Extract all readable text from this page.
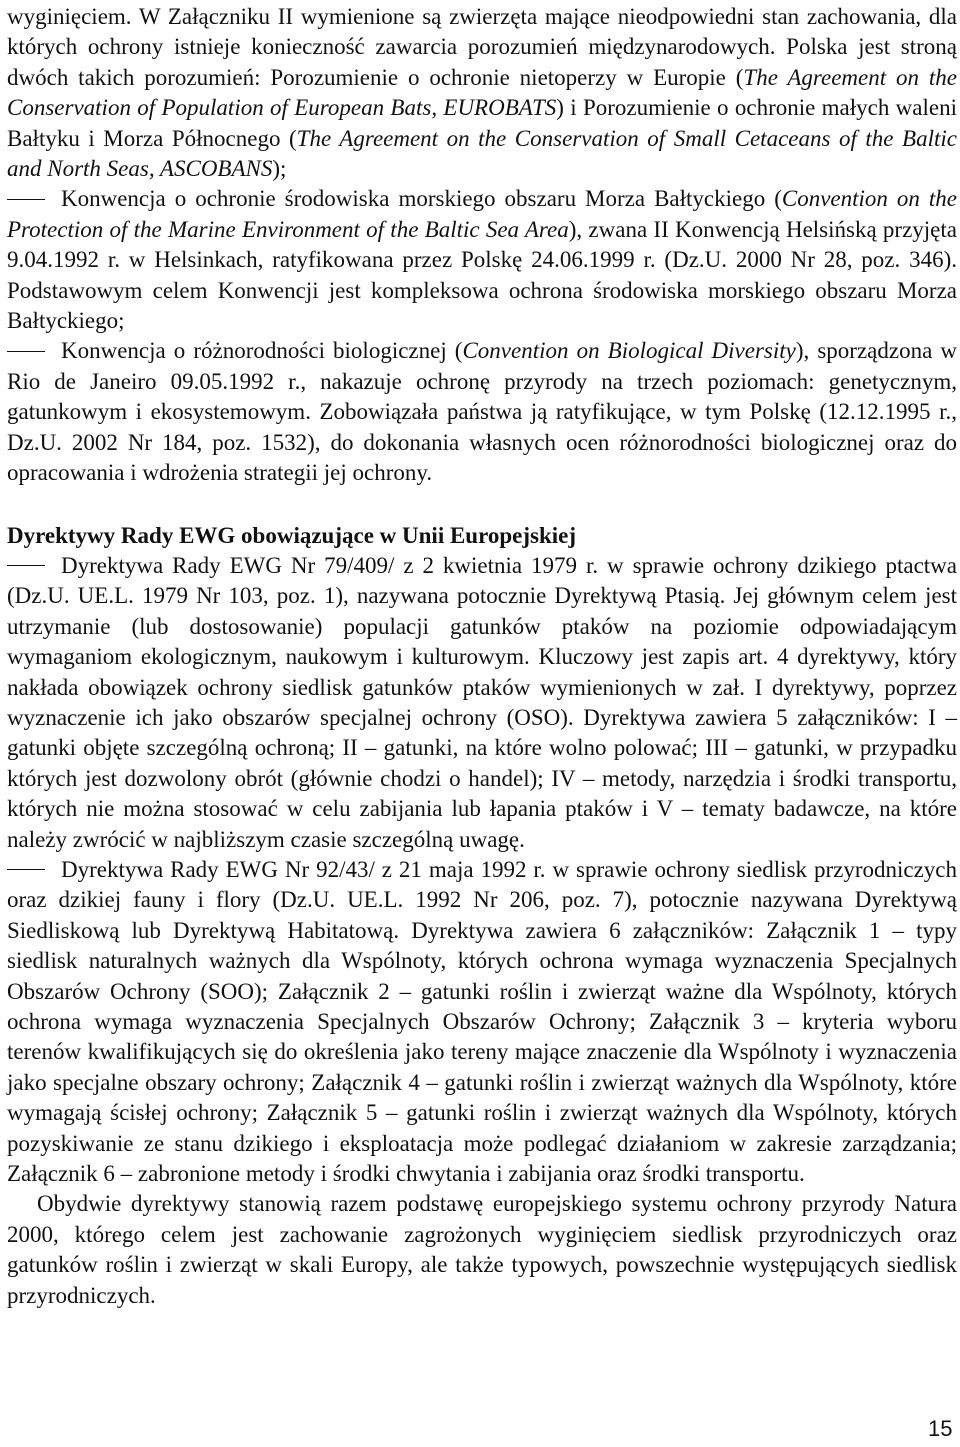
wyginięciem. W Załączniku II wymienione są zwierzęta mające nieodpowiedni stan zachowania, dla których ochrony istnieje konieczność zawarcia porozumień międzynarodowych. Polska jest stroną dwóch takich porozumień: Porozumienie o ochronie nietoperzy w Europie (The Agreement on the Conservation of Population of European Bats, EUROBATS) i Porozumienie o ochronie małych waleni Bałtyku i Morza Północnego (The Agreement on the Conservation of Small Cetaceans of the Baltic and North Seas, ASCOBANS);

Konwencja o ochronie środowiska morskiego obszaru Morza Bałtyckiego (Convention on the Protection of the Marine Environment of the Baltic Sea Area), zwana II Konwencją Helsińską przyjęta 9.04.1992 r. w Helsinkach, ratyfikowana przez Polskę 24.06.1999 r. (Dz.U. 2000 Nr 28, poz. 346). Podstawowym celem Konwencji jest kompleksowa ochrona środowiska morskiego obszaru Morza Bałtyckiego;

Konwencja o różnorodności biologicznej (Convention on Biological Diversity), sporządzona w Rio de Janeiro 09.05.1992 r., nakazuje ochronę przyrody na trzech poziomach: genetycznym, gatunkowym i ekosystemowym. Zobowiązała państwa ją ratyfikujące, w tym Polskę (12.12.1995 r., Dz.U. 2002 Nr 184, poz. 1532), do dokonania własnych ocen różnorodności biologicznej oraz do opracowania i wdrożenia strategii jej ochrony.

Dyrektywy Rady EWG obowiązujące w Unii Europejskiej

Dyrektywa Rady EWG Nr 79/409/ z 2 kwietnia 1979 r. w sprawie ochrony dzikiego ptactwa (Dz.U. UE.L. 1979 Nr 103, poz. 1), nazywana potocznie Dyrektywą Ptasią. Jej głównym celem jest utrzymanie (lub dostosowanie) populacji gatunków ptaków na poziomie odpowiadającym wymaganiom ekologicznym, naukowym i kulturowym. Kluczowy jest zapis art. 4 dyrektywy, który nakłada obowiązek ochrony siedlisk gatunków ptaków wymienionych w zał. I dyrektywy, poprzez wyznaczenie ich jako obszarów specjalnej ochrony (OSO). Dyrektywa zawiera 5 załączników: I – gatunki objęte szczególną ochroną; II – gatunki, na które wolno polować; III – gatunki, w przypadku których jest dozwolony obrót (głównie chodzi o handel); IV – metody, narzędzia i środki transportu, których nie można stosować w celu zabijania lub łapania ptaków i V – tematy badawcze, na które należy zwrócić w najbliższym czasie szczególną uwagę.

Dyrektywa Rady EWG Nr 92/43/ z 21 maja 1992 r. w sprawie ochrony siedlisk przyrodniczych oraz dzikiej fauny i flory (Dz.U. UE.L. 1992 Nr 206, poz. 7), potocznie nazywana Dyrektywą Siedliskową lub Dyrektywą Habitatową. Dyrektywa zawiera 6 załączników: Załącznik 1 – typy siedlisk naturalnych ważnych dla Wspólnoty, których ochrona wymaga wyznaczenia Specjalnych Obszarów Ochrony (SOO); Załącznik 2 – gatunki roślin i zwierząt ważne dla Wspólnoty, których ochrona wymaga wyznaczenia Specjalnych Obszarów Ochrony; Załącznik 3 – kryteria wyboru terenów kwalifikujących się do określenia jako tereny mające znaczenie dla Wspólnoty i wyznaczenia jako specjalne obszary ochrony; Załącznik 4 – gatunki roślin i zwierząt ważnych dla Wspólnoty, które wymagają ścisłej ochrony; Załącznik 5 – gatunki roślin i zwierząt ważnych dla Wspólnoty, których pozyskiwanie ze stanu dzikiego i eksploatacja może podlegać działaniom w zakresie zarządzania; Załącznik 6 – zabronione metody i środki chwytania i zabijania oraz środki transportu.

Obydwie dyrektywy stanowią razem podstawę europejskiego systemu ochrony przyrody Natura 2000, którego celem jest zachowanie zagrożonych wyginięciem siedlisk przyrodniczych oraz gatunków roślin i zwierząt w skali Europy, ale także typowych, powszechnie występujących siedlisk przyrodniczych.

15
